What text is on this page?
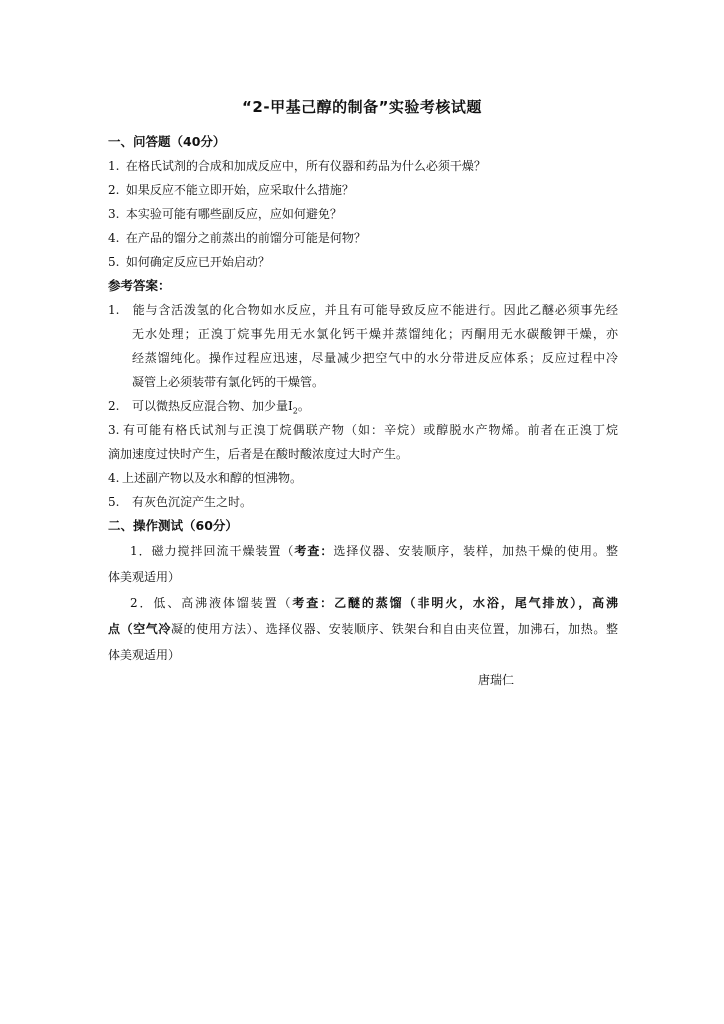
“2-甲基己醇的制备”实验考核试题
一、问答题（40分）
1. 在格氏试剂的合成和加成反应中，所有仪器和药品为什么必须干燥？
2. 如果反应不能立即开始，应采取什么措施？
3. 本实验可能有哪些副反应，应如何避免？
4. 在产品的馏分之前蒸出的前馏分可能是何物？
5. 如何确定反应已开始启动？
参考答案：
1. 能与含活泼氢的化合物如水反应，并且有可能导致反应不能进行。因此乙醚必须事先经
无水处理；正溴丁烷事先用无水氯化钙干燥并蒸馏纯化；丙酮用无水碳酸钾干燥，亦
经蒸馏纯化。操作过程应迅速，尽量减少把空气中的水分带进反应体系；反应过程中冷
凝管上必须装带有氯化钙的干燥管。
2. 可以微热反应混合物、加少量$I_2$。
3. 有可能有格氏试剂与正溴丁烷偶联产物（如：辛烷）或醇脱水产物烯。前者在正溴丁烷
滴加速度过快时产生，后者是在酸时酸浓度过大时产生。
4. 上述副产物以及水和醇的恒沸物。
5. 有灰色沉淀产生之时。
二、操作测试（60分）
1．磁力搅拌回流干燥装置（考查：选择仪器、安装顺序，装样，加热干燥的使用。整
体美观适用）
2．低、高沸液体馏装置（考查：乙醚的蒸馏（非明火，水浴，尾气排放），高沸
点（空气冷凝的使用方法）、选择仪器、安装顺序、铁架台和自由夹位置，加沸石，加热。整
体美观适用）
唐瑞仁
